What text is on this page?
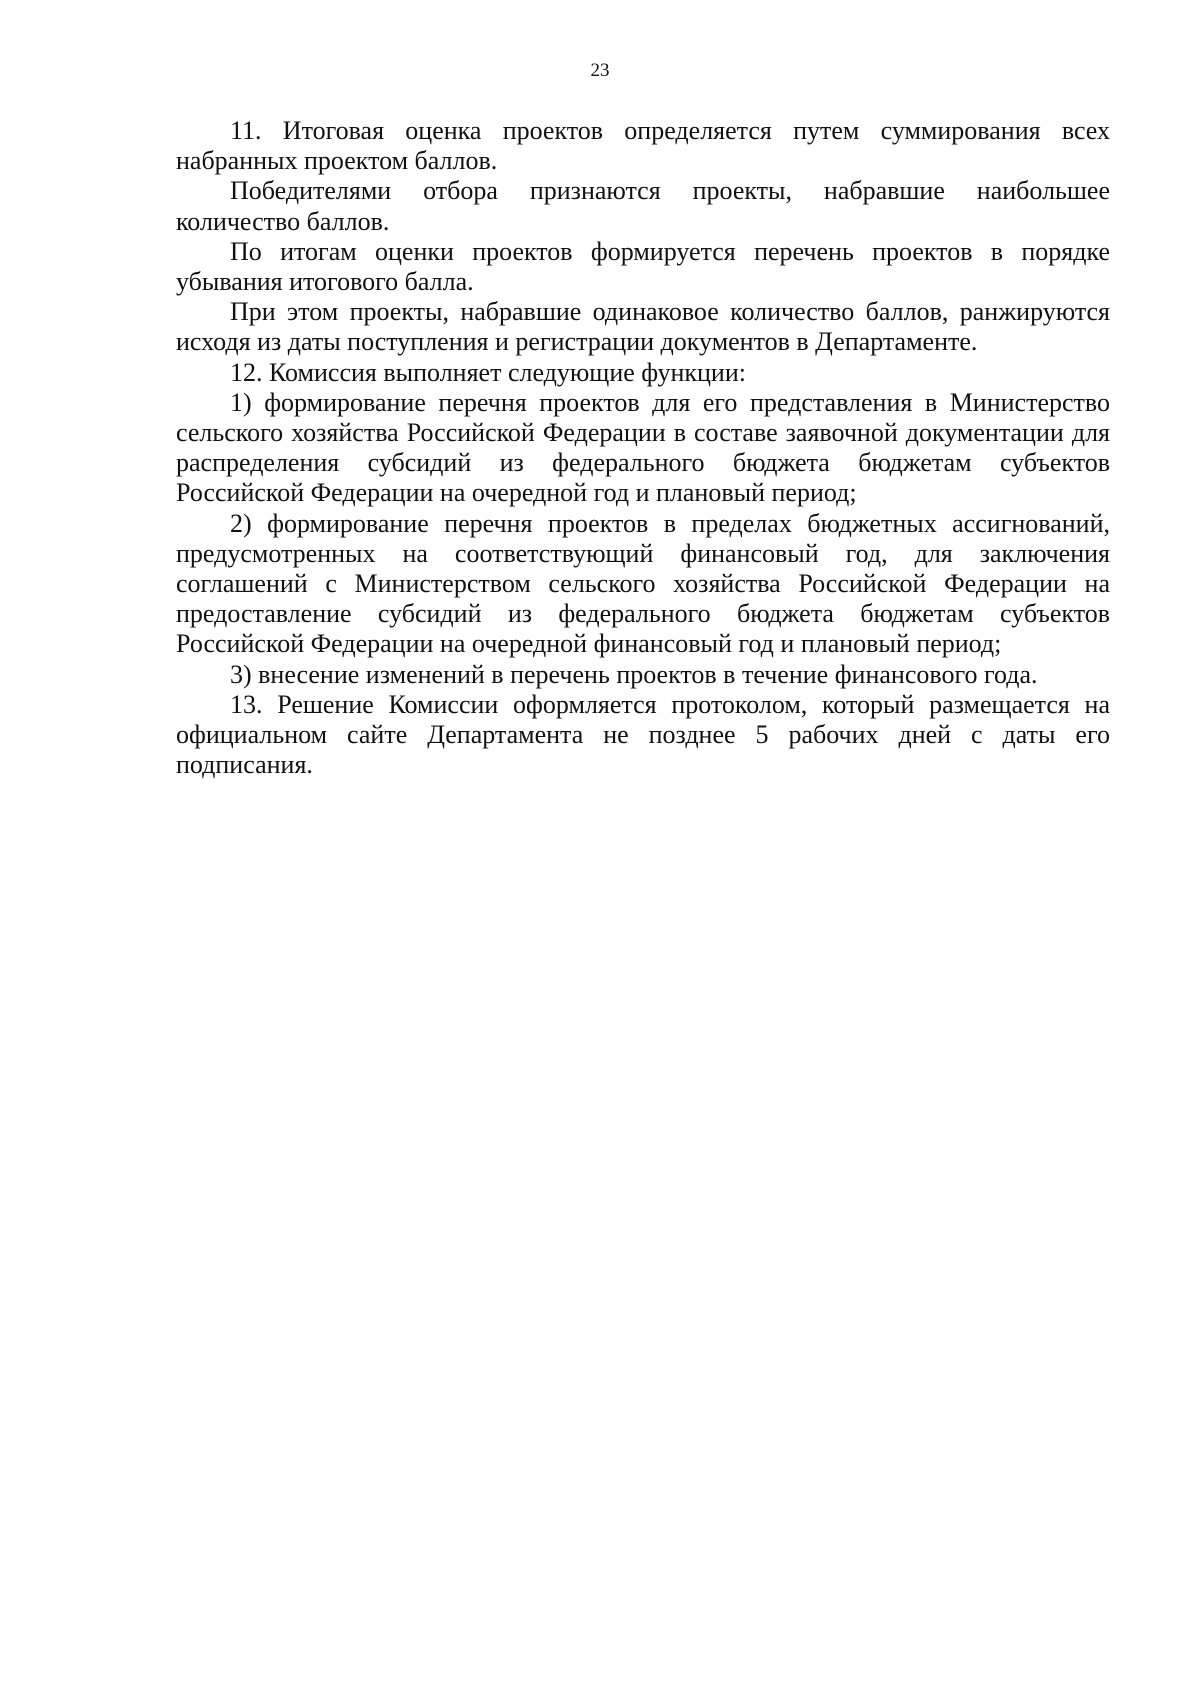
23

11. Итоговая оценка проектов определяется путем суммирования всех набранных проектом баллов.

Победителями отбора признаются проекты, набравшие наибольшее количество баллов.

По итогам оценки проектов формируется перечень проектов в порядке убывания итогового балла.

При этом проекты, набравшие одинаковое количество баллов, ранжируются исходя из даты поступления и регистрации документов в Департаменте.

12. Комиссия выполняет следующие функции:

1) формирование перечня проектов для его представления в Министерство сельского хозяйства Российской Федерации в составе заявочной документации для распределения субсидий из федерального бюджета бюджетам субъектов Российской Федерации на очередной год и плановый период;

2) формирование перечня проектов в пределах бюджетных ассигнований, предусмотренных на соответствующий финансовый год, для заключения соглашений с Министерством сельского хозяйства Российской Федерации на предоставление субсидий из федерального бюджета бюджетам субъектов Российской Федерации на очередной финансовый год и плановый период;

3) внесение изменений в перечень проектов в течение финансового года.

13. Решение Комиссии оформляется протоколом, который размещается на официальном сайте Департамента не позднее 5 рабочих дней с даты его подписания.
